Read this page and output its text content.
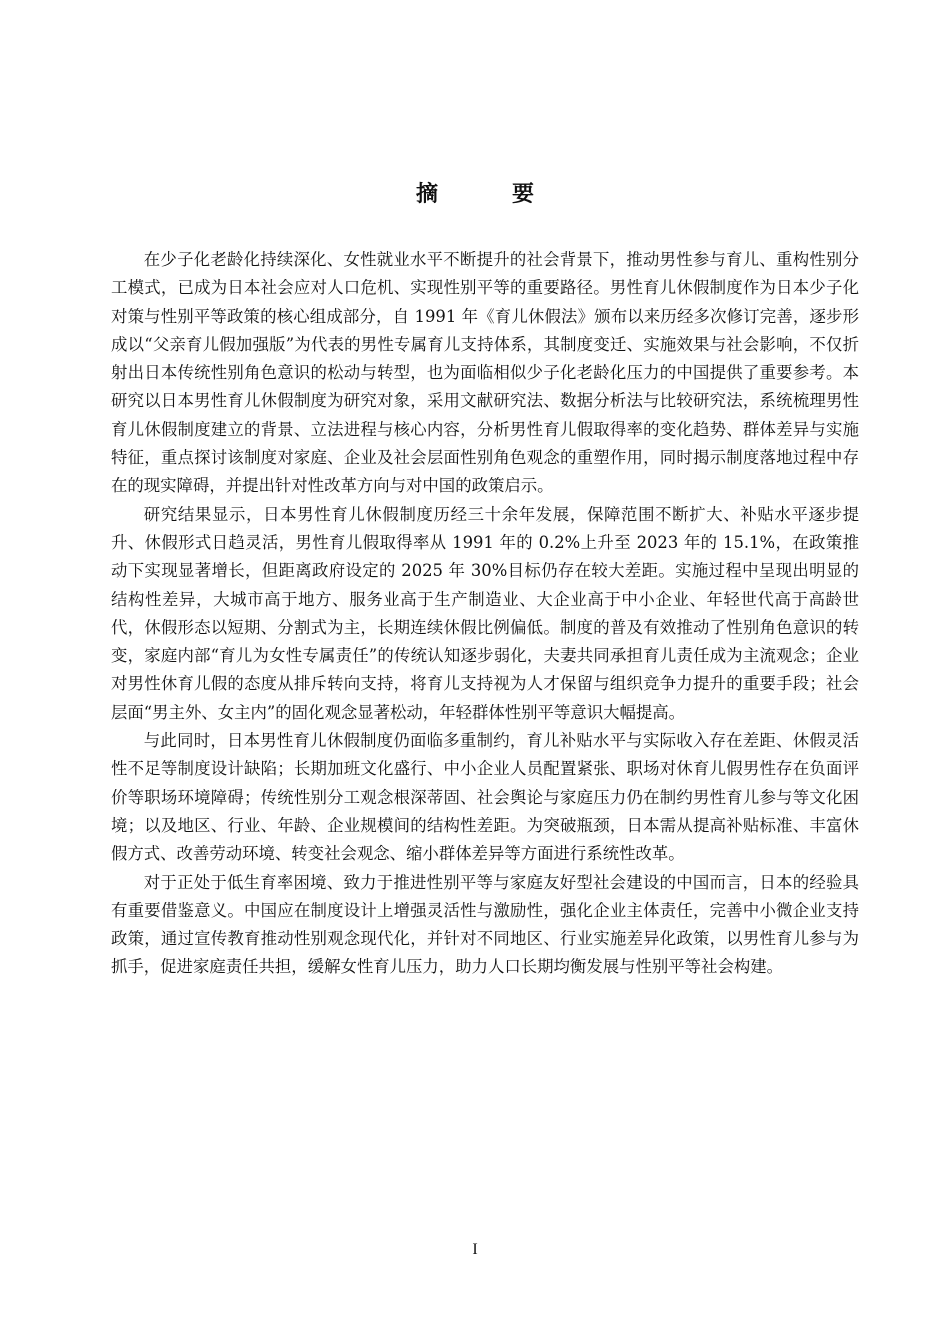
摘　要

在少子化老龄化持续深化、女性就业水平不断提升的社会背景下，推动男性参与育儿、重构性别分工模式，已成为日本社会应对人口危机、实现性别平等的重要路径。男性育儿休假制度作为日本少子化对策与性别平等政策的核心组成部分，自 1991 年《育儿休假法》颁布以来历经多次修订完善，逐步形成以“父亲育儿假加强版”为代表的男性专属育儿支持体系，其制度变迁、实施效果与社会影响，不仅折射出日本传统性别角色意识的松动与转型，也为面临相似少子化老龄化压力的中国提供了重要参考。本研究以日本男性育儿休假制度为研究对象，采用文献研究法、数据分析法与比较研究法，系统梳理男性育儿休假制度建立的背景、立法进程与核心内容，分析男性育儿假取得率的变化趋势、群体差异与实施特征，重点探讨该制度对家庭、企业及社会层面性别角色观念的重塑作用，同时揭示制度落地过程中存在的现实障碍，并提出针对性改革方向与对中国的政策启示。

研究结果显示，日本男性育儿休假制度历经三十余年发展，保障范围不断扩大、补贴水平逐步提升、休假形式日趋灵活，男性育儿假取得率从 1991 年的 0.2%上升至 2023 年的 15.1%，在政策推动下实现显著增长，但距离政府设定的 2025 年 30%目标仍存在较大差距。实施过程中呈现出明显的结构性差异，大城市高于地方、服务业高于生产制造业、大企业高于中小企业、年轻世代高于高龄世代，休假形态以短期、分割式为主，长期连续休假比例偏低。制度的普及有效推动了性别角色意识的转变，家庭内部“育儿为女性专属责任”的传统认知逐步弱化，夫妻共同承担育儿责任成为主流观念；企业对男性休育儿假的态度从排斥转向支持，将育儿支持视为人才保留与组织竞争力提升的重要手段；社会层面“男主外、女主内”的固化观念显著松动，年轻群体性别平等意识大幅提高。

与此同时，日本男性育儿休假制度仍面临多重制约，育儿补贴水平与实际收入存在差距、休假灵活性不足等制度设计缺陷；长期加班文化盛行、中小企业人员配置紧张、职场对休育儿假男性存在负面评价等职场环境障碍；传统性别分工观念根深蒂固、社会舆论与家庭压力仍在制约男性育儿参与等文化困境；以及地区、行业、年龄、企业规模间的结构性差距。为突破瓶颈，日本需从提高补贴标准、丰富休假方式、改善劳动环境、转变社会观念、缩小群体差异等方面进行系统性改革。

对于正处于低生育率困境、致力于推进性别平等与家庭友好型社会建设的中国而言，日本的经验具有重要借鉴意义。中国应在制度设计上增强灵活性与激励性，强化企业主体责任，完善中小微企业支持政策，通过宣传教育推动性别观念现代化，并针对不同地区、行业实施差异化政策，以男性育儿参与为抓手，促进家庭责任共担，缓解女性育儿压力，助力人口长期均衡发展与性别平等社会构建。

I
